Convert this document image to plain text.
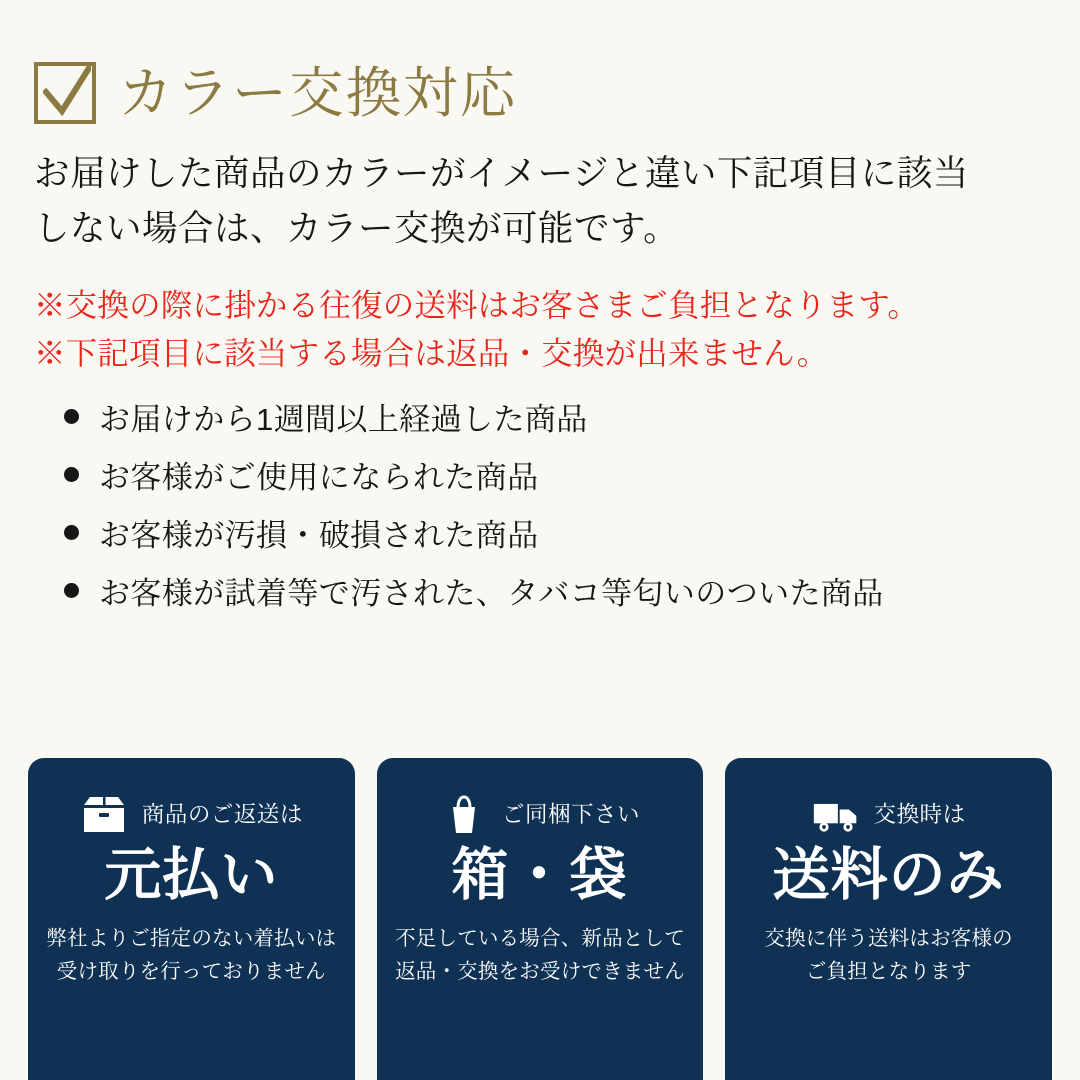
カラー交換対応
お届けした商品のカラーがイメージと違い下記項目に該当
しない場合は、カラー交換が可能です。
※交換の際に掛かる往復の送料はお客さまご負担となります。
※下記項目に該当する場合は返品・交換が出来ません。
お届けから1週間以上経過した商品
お客様がご使用になられた商品
お客様が汚損・破損された商品
お客様が試着等で汚された、タバコ等匂いのついた商品
商品のご返送は
元払い
弊社よりご指定のない着払いは
受け取りを行っておりません
ご同梱下さい
箱・袋
不足している場合、新品として
返品・交換をお受けできません
交換時は
送料のみ
交換に伴う送料はお客様の
ご負担となります
